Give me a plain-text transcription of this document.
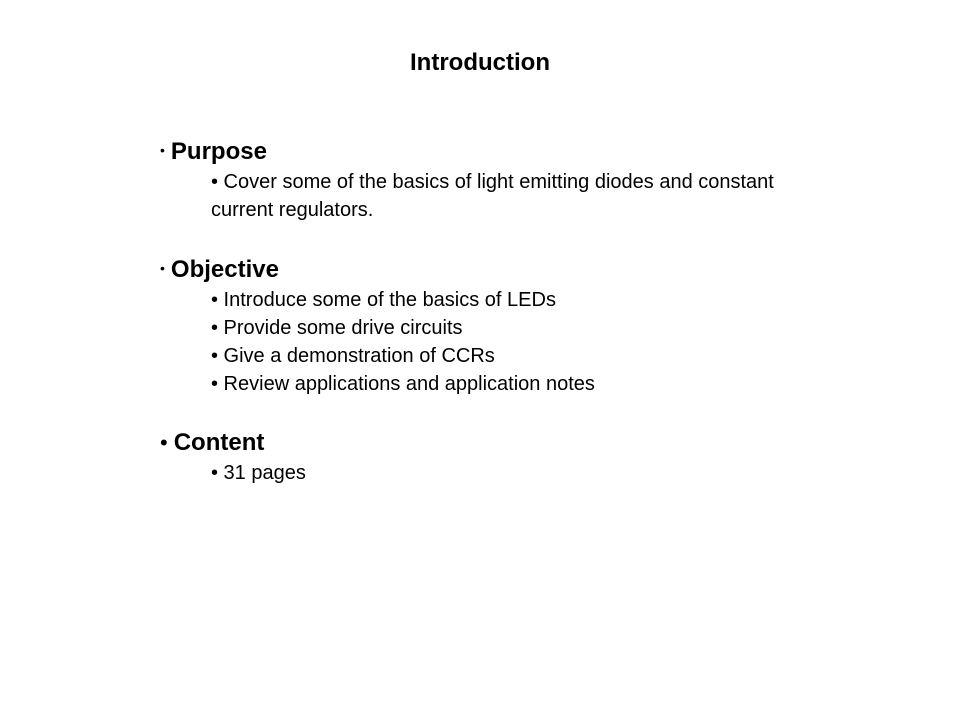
Introduction
• Purpose
• Cover some of the basics of light emitting diodes and constant current regulators.
• Objective
• Introduce some of the basics of LEDs
• Provide some drive circuits
• Give a demonstration of CCRs
• Review applications and application notes
• Content
• 31 pages
